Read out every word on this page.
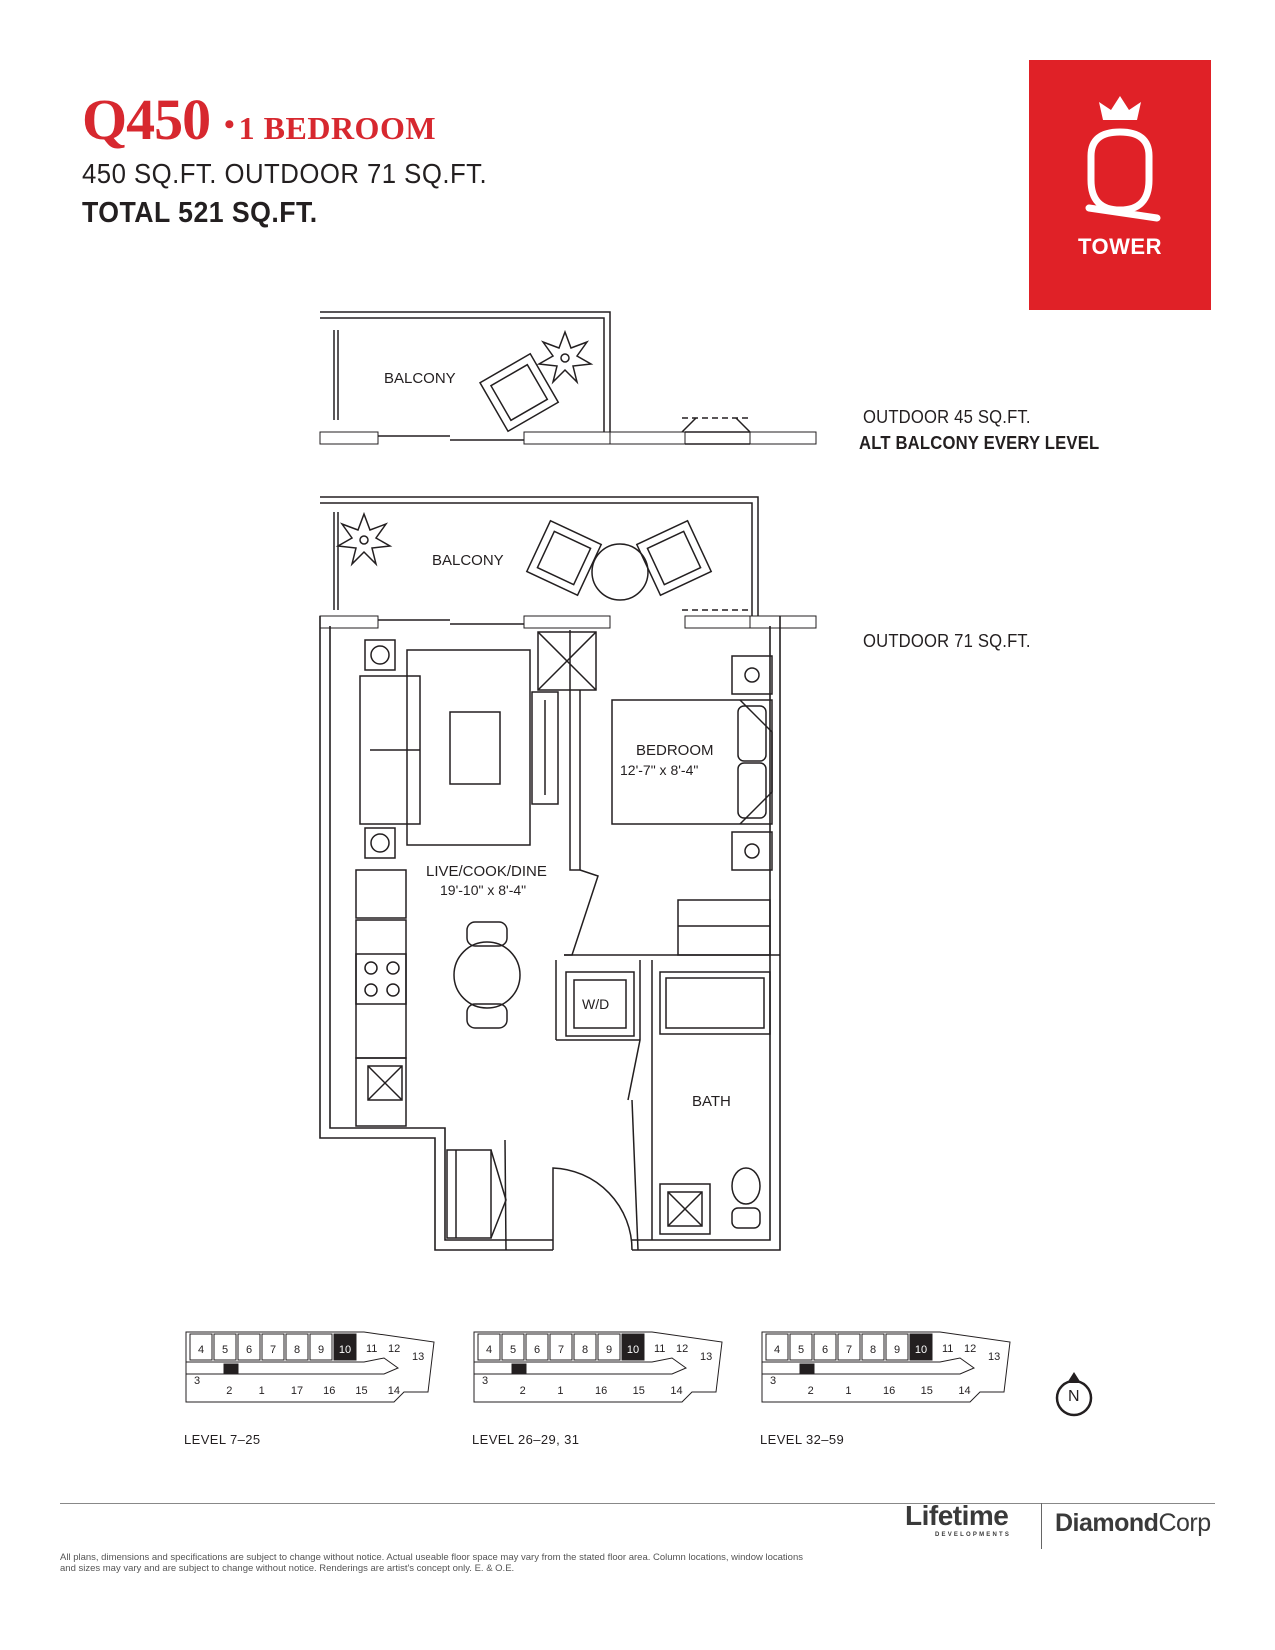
Q450 • 1 BEDROOM
450 SQ.FT. OUTDOOR 71 SQ.FT.
TOTAL 521 SQ.FT.
TOWER
BALCONY
BALCONY
LIVE/COOK/DINE
19'-10" x 8'-4"
BEDROOM
12'-7" x 8'-4"
W/D
BATH
OUTDOOR 45 SQ.FT.
ALT BALCONY EVERY LEVEL
OUTDOOR 71 SQ.FT.
4 5 6 7 8 9 10 11 12
13
3
2 1 17 16 15 14
LEVEL 7–25
4 5 6 7 8 9 10 11 12
13
3
2	1	16 15 14
LEVEL 26–29, 31
4 5 6 7 8 9 10 11 12
13
3
2	1	16 15 14
LEVEL 32–59
N
All plans, dimensions and specifications are subject to change without notice. Actual useable floor space may vary from the stated floor area. Column locations, window locations and sizes may vary and are subject to change without notice. Renderings are artist's concept only. E. & O.E.
Lifetime
DEVELOPMENTS DiamondCorp
